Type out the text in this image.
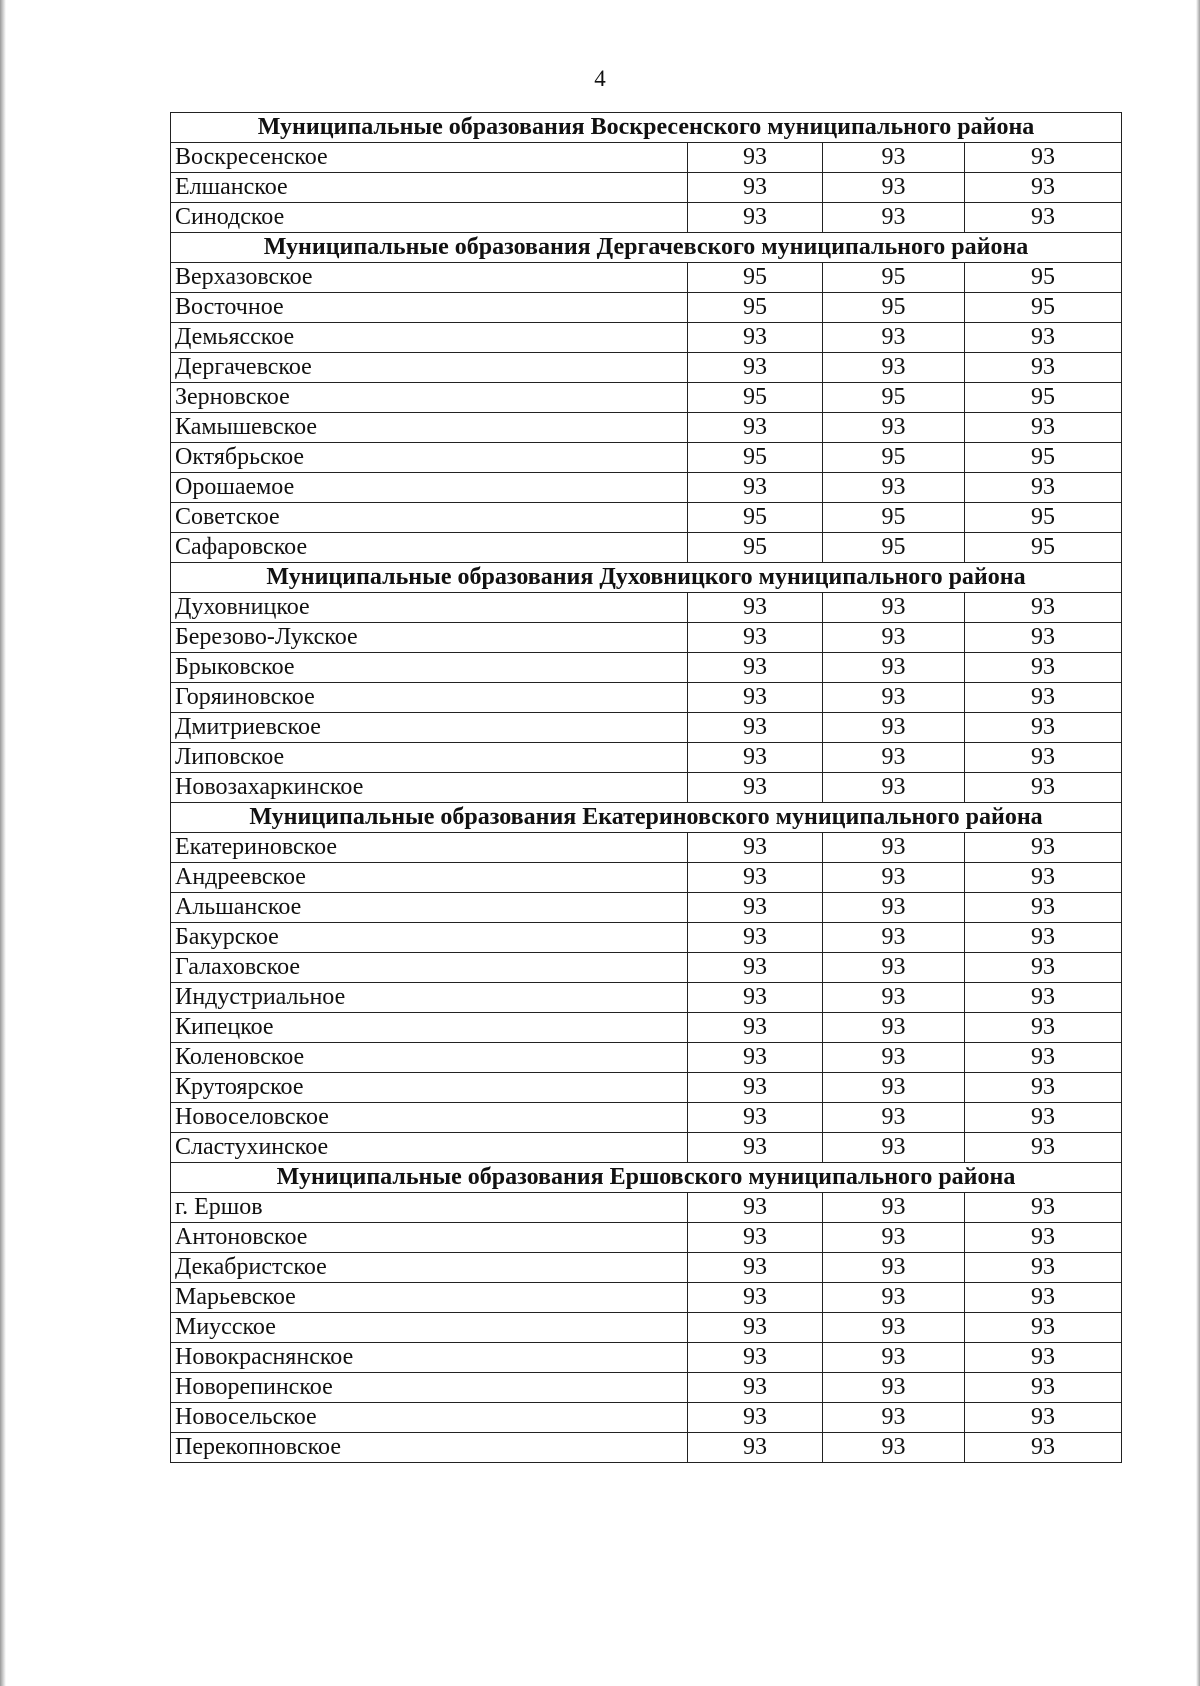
4
Муниципальные образования Воскресенского муниципального района			
Воскресенское	93	93	93
Елшанское	93	93	93
Синодское	93	93	93
Муниципальные образования Дергачевского муниципального района			
Верхазовское	95	95	95
Восточное	95	95	95
Демьясское	93	93	93
Дергачевское	93	93	93
Зерновское	95	95	95
Камышевское	93	93	93
Октябрьское	95	95	95
Орошаемое	93	93	93
Советское	95	95	95
Сафаровское	95	95	95
Муниципальные образования Духовницкого муниципального района			
Духовницкое	93	93	93
Березово-Лукское	93	93	93
Брыковское	93	93	93
Горяиновское	93	93	93
Дмитриевское	93	93	93
Липовское	93	93	93
Новозахаркинское	93	93	93
Муниципальные образования Екатериновского муниципального района			
Екатериновское	93	93	93
Андреевское	93	93	93
Альшанское	93	93	93
Бакурское	93	93	93
Галаховское	93	93	93
Индустриальное	93	93	93
Кипецкое	93	93	93
Коленовское	93	93	93
Крутоярское	93	93	93
Новоселовское	93	93	93
Сластухинское	93	93	93
Муниципальные образования Ершовского муниципального района			
г. Ершов	93	93	93
Антоновское	93	93	93
Декабристское	93	93	93
Марьевское	93	93	93
Миусское	93	93	93
Новокраснянское	93	93	93
Новорепинское	93	93	93
Новосельское	93	93	93
Перекопновское	93	93	93
